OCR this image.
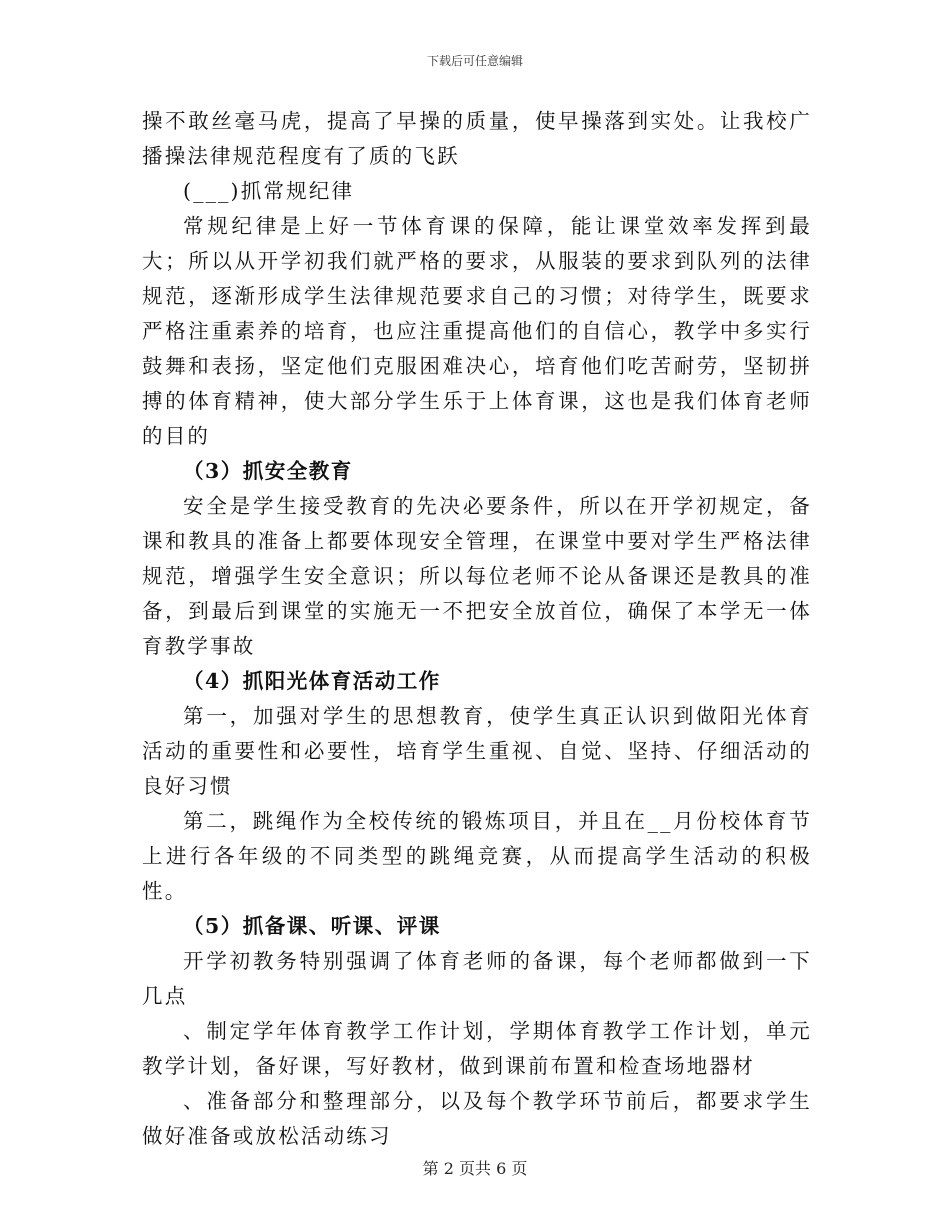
下载后可任意编辑

操不敢丝毫马虎，提高了早操的质量，使早操落到实处。让我校广播操法律规范程度有了质的飞跃

(___)抓常规纪律

常规纪律是上好一节体育课的保障，能让课堂效率发挥到最大；所以从开学初我们就严格的要求，从服装的要求到队列的法律规范，逐渐形成学生法律规范要求自己的习惯；对待学生，既要求严格注重素养的培育，也应注重提高他们的自信心，教学中多实行鼓舞和表扬，坚定他们克服困难决心，培育他们吃苦耐劳，坚韧拼搏的体育精神，使大部分学生乐于上体育课，这也是我们体育老师的目的

（3）抓安全教育

安全是学生接受教育的先决必要条件，所以在开学初规定，备课和教具的准备上都要体现安全管理，在课堂中要对学生严格法律规范，增强学生安全意识；所以每位老师不论从备课还是教具的准备，到最后到课堂的实施无一不把安全放首位，确保了本学无一体育教学事故

（4）抓阳光体育活动工作

第一，加强对学生的思想教育，使学生真正认识到做阳光体育活动的重要性和必要性，培育学生重视、自觉、坚持、仔细活动的良好习惯

第二，跳绳作为全校传统的锻炼项目，并且在__月份校体育节上进行各年级的不同类型的跳绳竞赛，从而提高学生活动的积极性。

（5）抓备课、听课、评课

开学初教务特别强调了体育老师的备课，每个老师都做到一下几点

、制定学年体育教学工作计划，学期体育教学工作计划，单元教学计划，备好课，写好教材，做到课前布置和检查场地器材

、准备部分和整理部分，以及每个教学环节前后，都要求学生做好准备或放松活动练习

第 2 页共 6 页
